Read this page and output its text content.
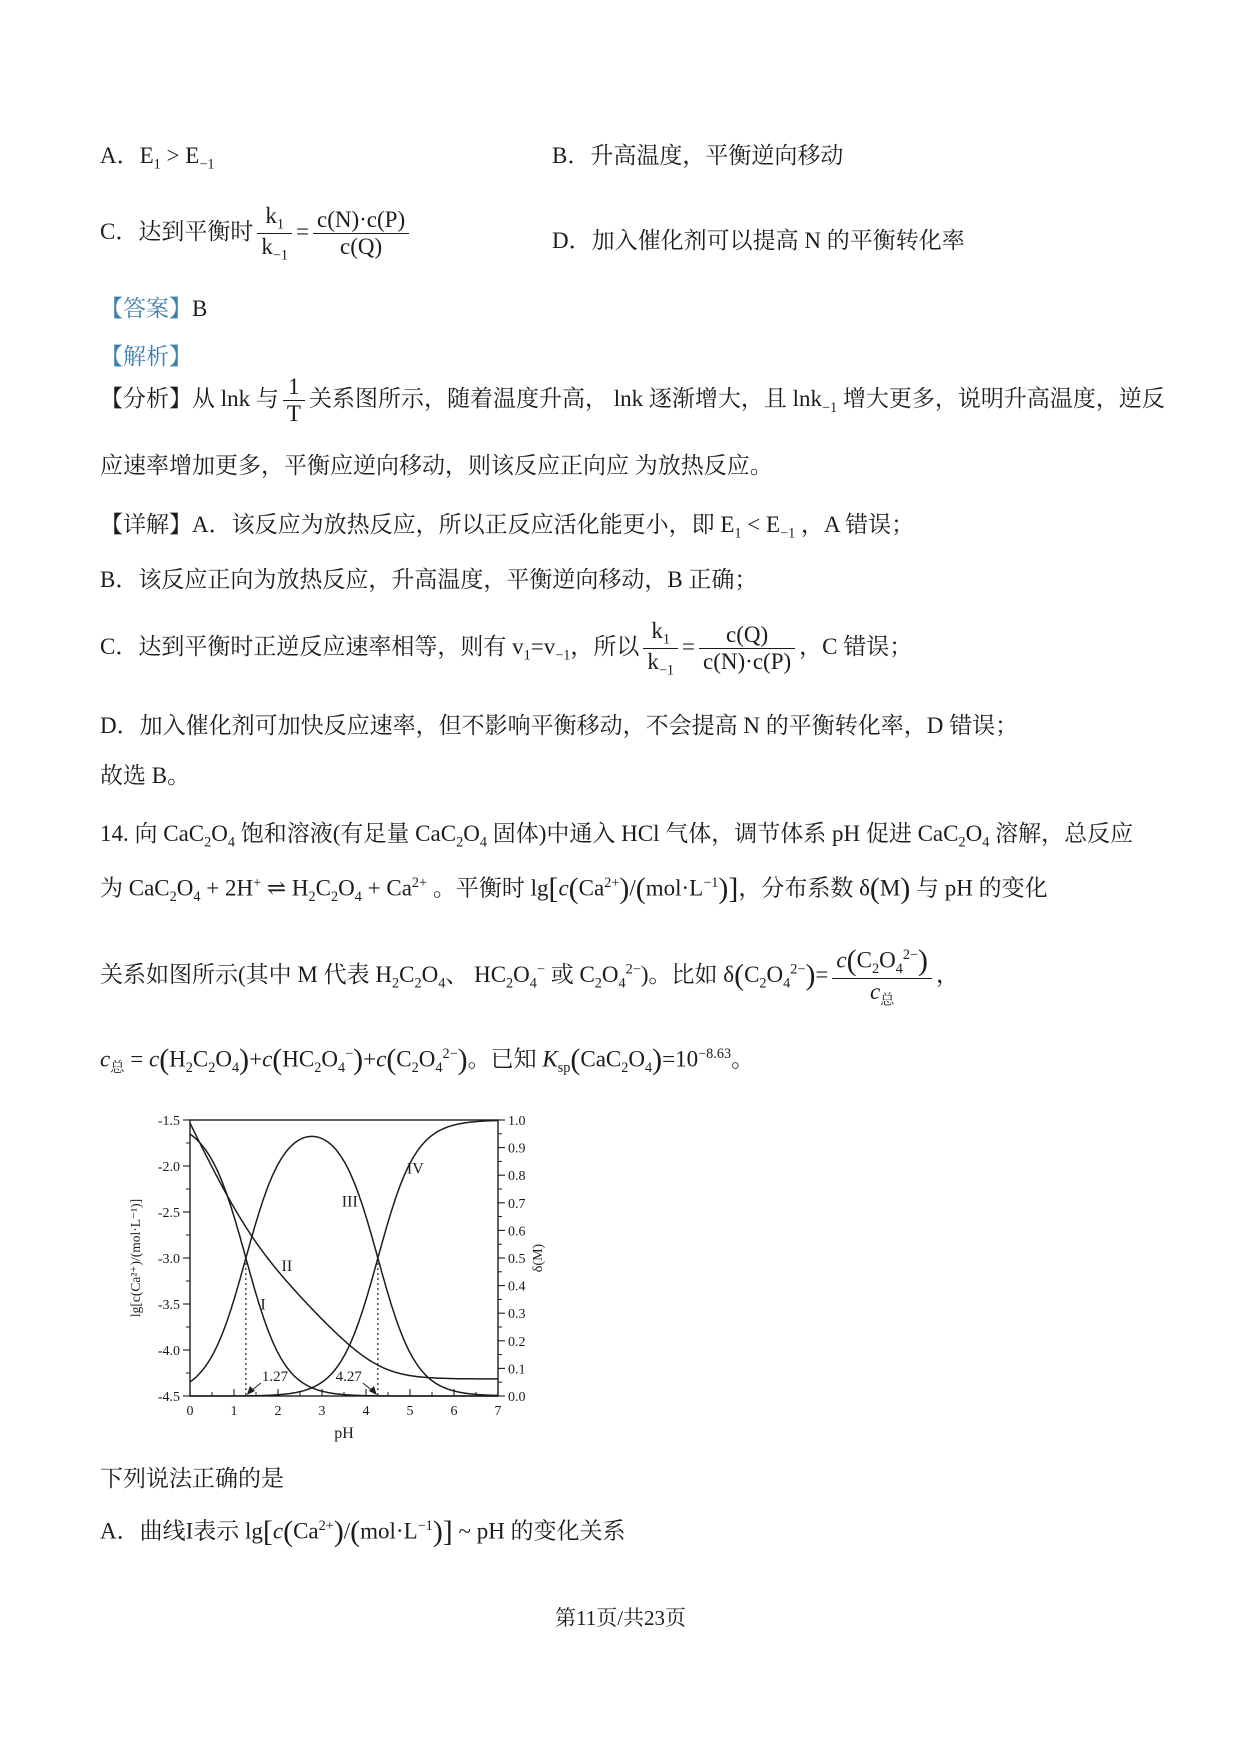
A．$E_1 > E_{-1}$	B．升高温度，平衡逆向移动
C．达到平衡时 $\frac{k_1}{k_{-1}} = \frac{c(N)\cdot c(P)}{c(Q)}$	D．加入催化剂可以提高 N 的平衡转化率
【答案】B
【解析】
【分析】从 lnk 与 $\frac{1}{T}$ 关系图所示，随着温度升高， lnk 逐渐增大，且 lnk$_{-1}$ 增大更多，说明升高温度，逆反
应速率增加更多，平衡应逆向移动，则该反应正向应 为放热反应。
【详解】A．该反应为放热反应，所以正反应活化能更小，即 $E_1 < E_{-1}$ ，A 错误；
B．该反应正向为放热反应，升高温度，平衡逆向移动，B 正确；
C．达到平衡时正逆反应速率相等，则有 $v_1=v_{-1}$，所以 $\frac{k_1}{k_{-1}} = \frac{c(Q)}{c(N)\cdot c(P)}$ ，C 错误；
D．加入催化剂可加快反应速率，但不影响平衡移动，不会提高 N 的平衡转化率，D 错误；
故选 B。
14. 向 $CaC_2O_4$ 饱和溶液(有足量 $CaC_2O_4$ 固体)中通入 HCl 气体，调节体系 pH 促进 $CaC_2O_4$ 溶解，总反应
为 $CaC_2O_4 + 2H^+$ ⇌ $H_2C_2O_4 + Ca^{2+}$ 。平衡时 $\lg[c(Ca^{2+})/(mol\cdot L^{-1})]$，分布系数 δ(M) 与 pH 的变化
关系如图所示(其中 M 代表 $H_2C_2O_4$、 $HC_2O_4^-$ 或 $C_2O_4^{2-}$)。比如 $\delta(C_2O_4^{2-})=$
$c(C_2O_4^{2-})$
$c_总$
，
$c_总 = c(H_2C_2O_4)+c(HC_2O_4^-)+c(C_2O_4^{2-})$。已知 $K_{sp}(CaC_2O_4)=10^{-8.63}$。
0	1	2	3	4	5	6	7
-1.5
-2.0
-2.5
-3.0
-3.5
-4.0
-4.5
1.0
0.9
0.8
0.7
0.6
0.5
0.4
0.3
0.2
0.1
0.0
1.27	4.27
I
II
III
IV
lg[c(Ca²⁺)/(mol·L⁻¹)]	δ(M)
pH
下列说法正确的是
A．曲线I表示 $\lg[c(Ca^{2+})/(mol\cdot L^{-1})]$ ~ pH 的变化关系
第11页/共23页
